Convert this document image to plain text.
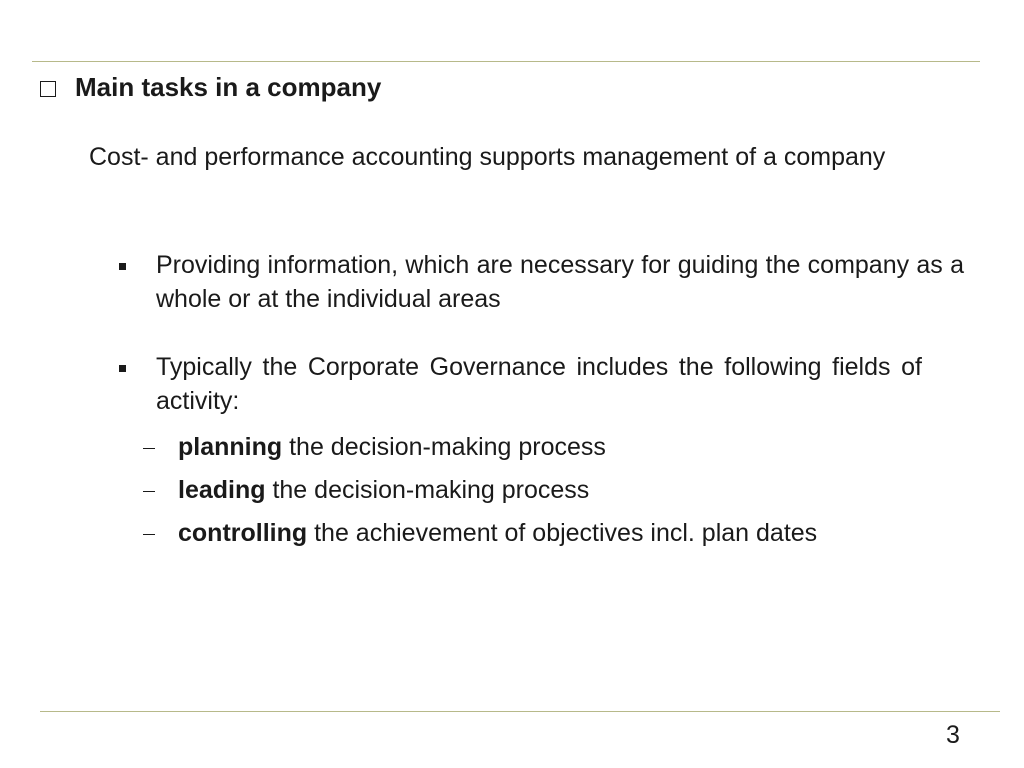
Main tasks in a company
Cost- and performance accounting supports management of a company
Providing information, which are necessary for guiding the company as a whole or at the individual areas
Typically the Corporate Governance includes the following fields of activity:
planning the decision-making process
leading the decision-making process
controlling the achievement of objectives incl. plan dates
3
